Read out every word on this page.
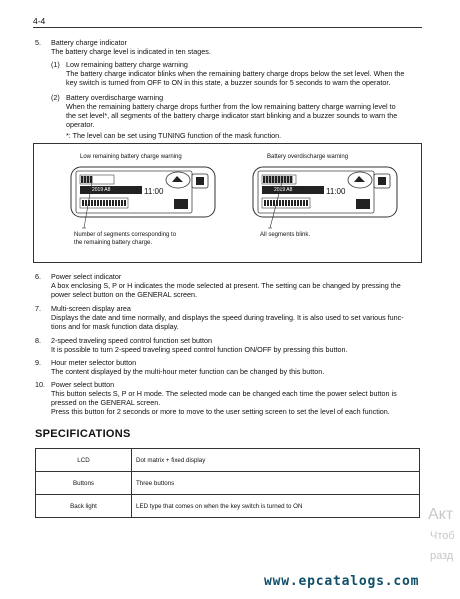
4-4
5. Battery charge indicator
The battery charge level is indicated in ten stages.
(1) Low remaining battery charge warning
The battery charge indicator blinks when the remaining battery charge drops below the set level. When the
key switch is turned from OFF to ON in this state, a buzzer sounds for 5 seconds to warn the operator.
(2) Battery overdischarge warning
When the remaining battery charge drops further from the low remaining battery charge warning level to
the set level*, all segments of the battery charge indicator start blinking and a buzzer sounds to warn the
operator.
*: The level can be set using TUNING function of the mask function.
Low remaining battery charge warning	Battery overdischarge warning
2019 A8	11:00	2019 A8	11:00
Number of segments corresponding to
the remaining battery charge.
All segments blink.
6. Power select indicator
A box enclosing S, P or H indicates the mode selected at present. The setting can be changed by pressing the
power select button on the GENERAL screen.
7. Multi-screen display area
Displays the date and time normally, and displays the speed during traveling. It is also used to set various func-
tions and for mask function data display.
8. 2-speed traveling speed control function set button
It is possible to turn 2-speed traveling speed control function ON/OFF by pressing this button.
9. Hour meter selector button
The content displayed by the multi-hour meter function can be changed by this button.
10. Power select button
This button selects S, P or H mode. The selected mode can be changed each time the power select button is
pressed on the GENERAL screen.
Press this button for 2 seconds or more to move to the user setting screen to set the level of each function.
SPECIFICATIONS
LCD	Dot matrix + fixed display
Buttons	Three buttons
Back light	LED type that comes on when the key switch is turned to ON	Акт
Чтоб
разд
www.epcatalogs.com
